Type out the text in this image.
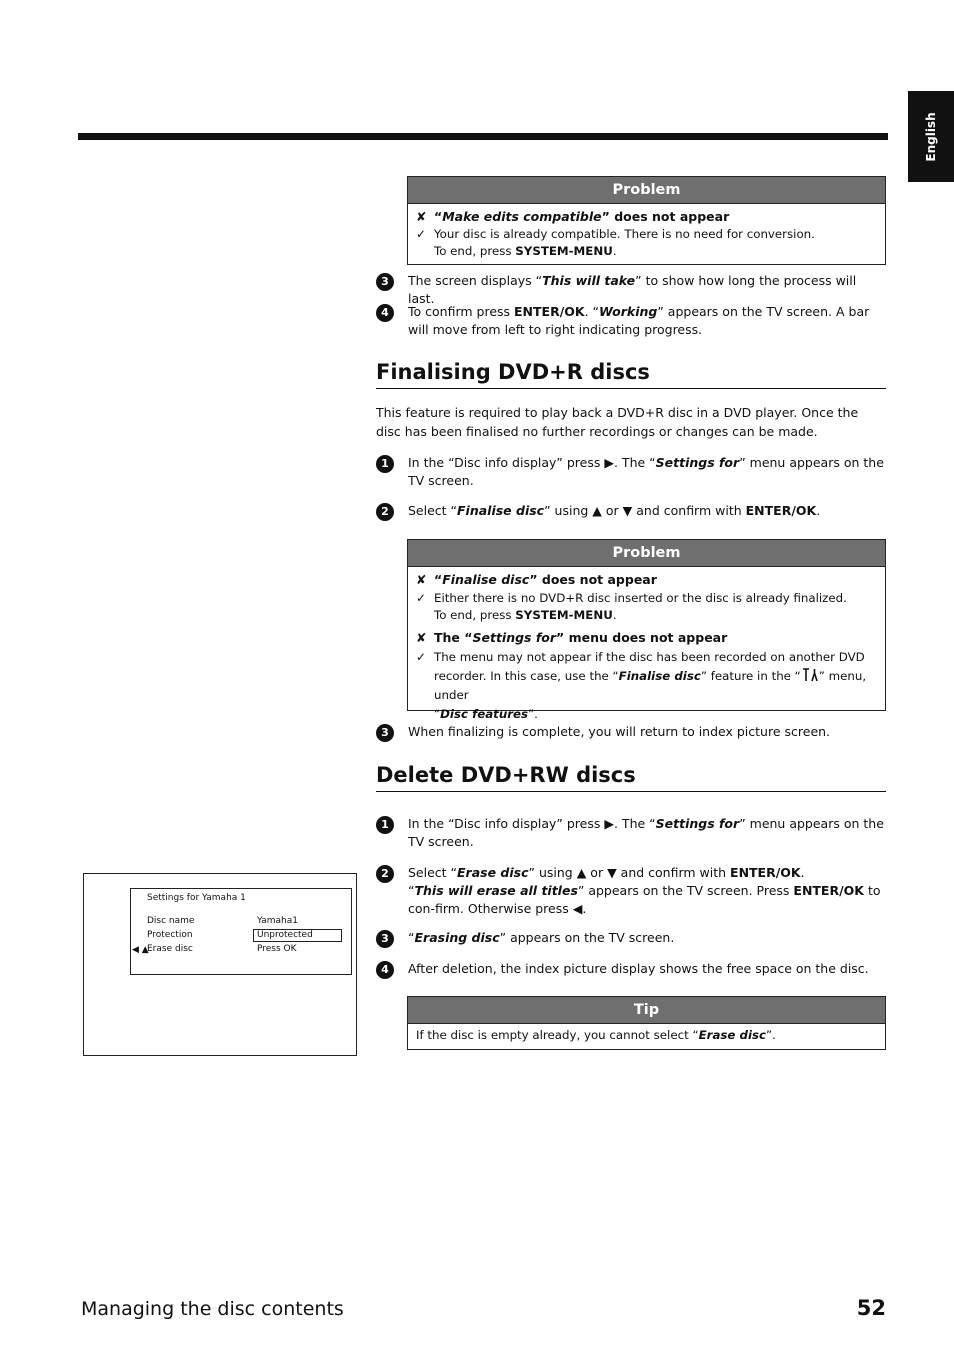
English
Problem
✘ “Make edits compatible” does not appear
✓ Your disc is already compatible. There is no need for conversion.
To end, press SYSTEM-MENU.
3	The screen displays “This will take” to show how long the process will last.
4	To confirm press ENTER/OK. “Working” appears on the TV screen. A bar will move from left to right indicating progress.
Finalising DVD+R discs
This feature is required to play back a DVD+R disc in a DVD player. Once the disc has been finalised no further recordings or changes can be made.
1	In the “Disc info display” press ▶. The “Settings for” menu appears on the TV screen.
2	Select “Finalise disc” using ▲ or ▼ and confirm with ENTER/OK.
Problem
✘ “Finalise disc” does not appear
✓ Either there is no DVD+R disc inserted or the disc is already finalized.
To end, press SYSTEM-MENU.
✘ The “Settings for” menu does not appear
✓ The menu may not appear if the disc has been recorded on another DVD
recorder. In this case, use the “Finalise disc” feature in the “ ” menu, under
“Disc features”.
3	When finalizing is complete, you will return to index picture screen.
Delete DVD+RW discs
1	In the “Disc info display” press ▶. The “Settings for” menu appears on the TV screen.
2	Select “Erase disc” using ▲ or ▼ and confirm with ENTER/OK.
“This will erase all titles” appears on the TV screen. Press ENTER/OK to con-firm. Otherwise press ◀.
3	“Erasing disc” appears on the TV screen.
4	After deletion, the index picture display shows the free space on the disc.
Tip
If the disc is empty already, you cannot select “Erase disc”.
Settings for Yamaha 1
Disc name	Yamaha1
Protection	Unprotected
Erase disc	Press OK
◀ ▲
Managing the disc contents	52
